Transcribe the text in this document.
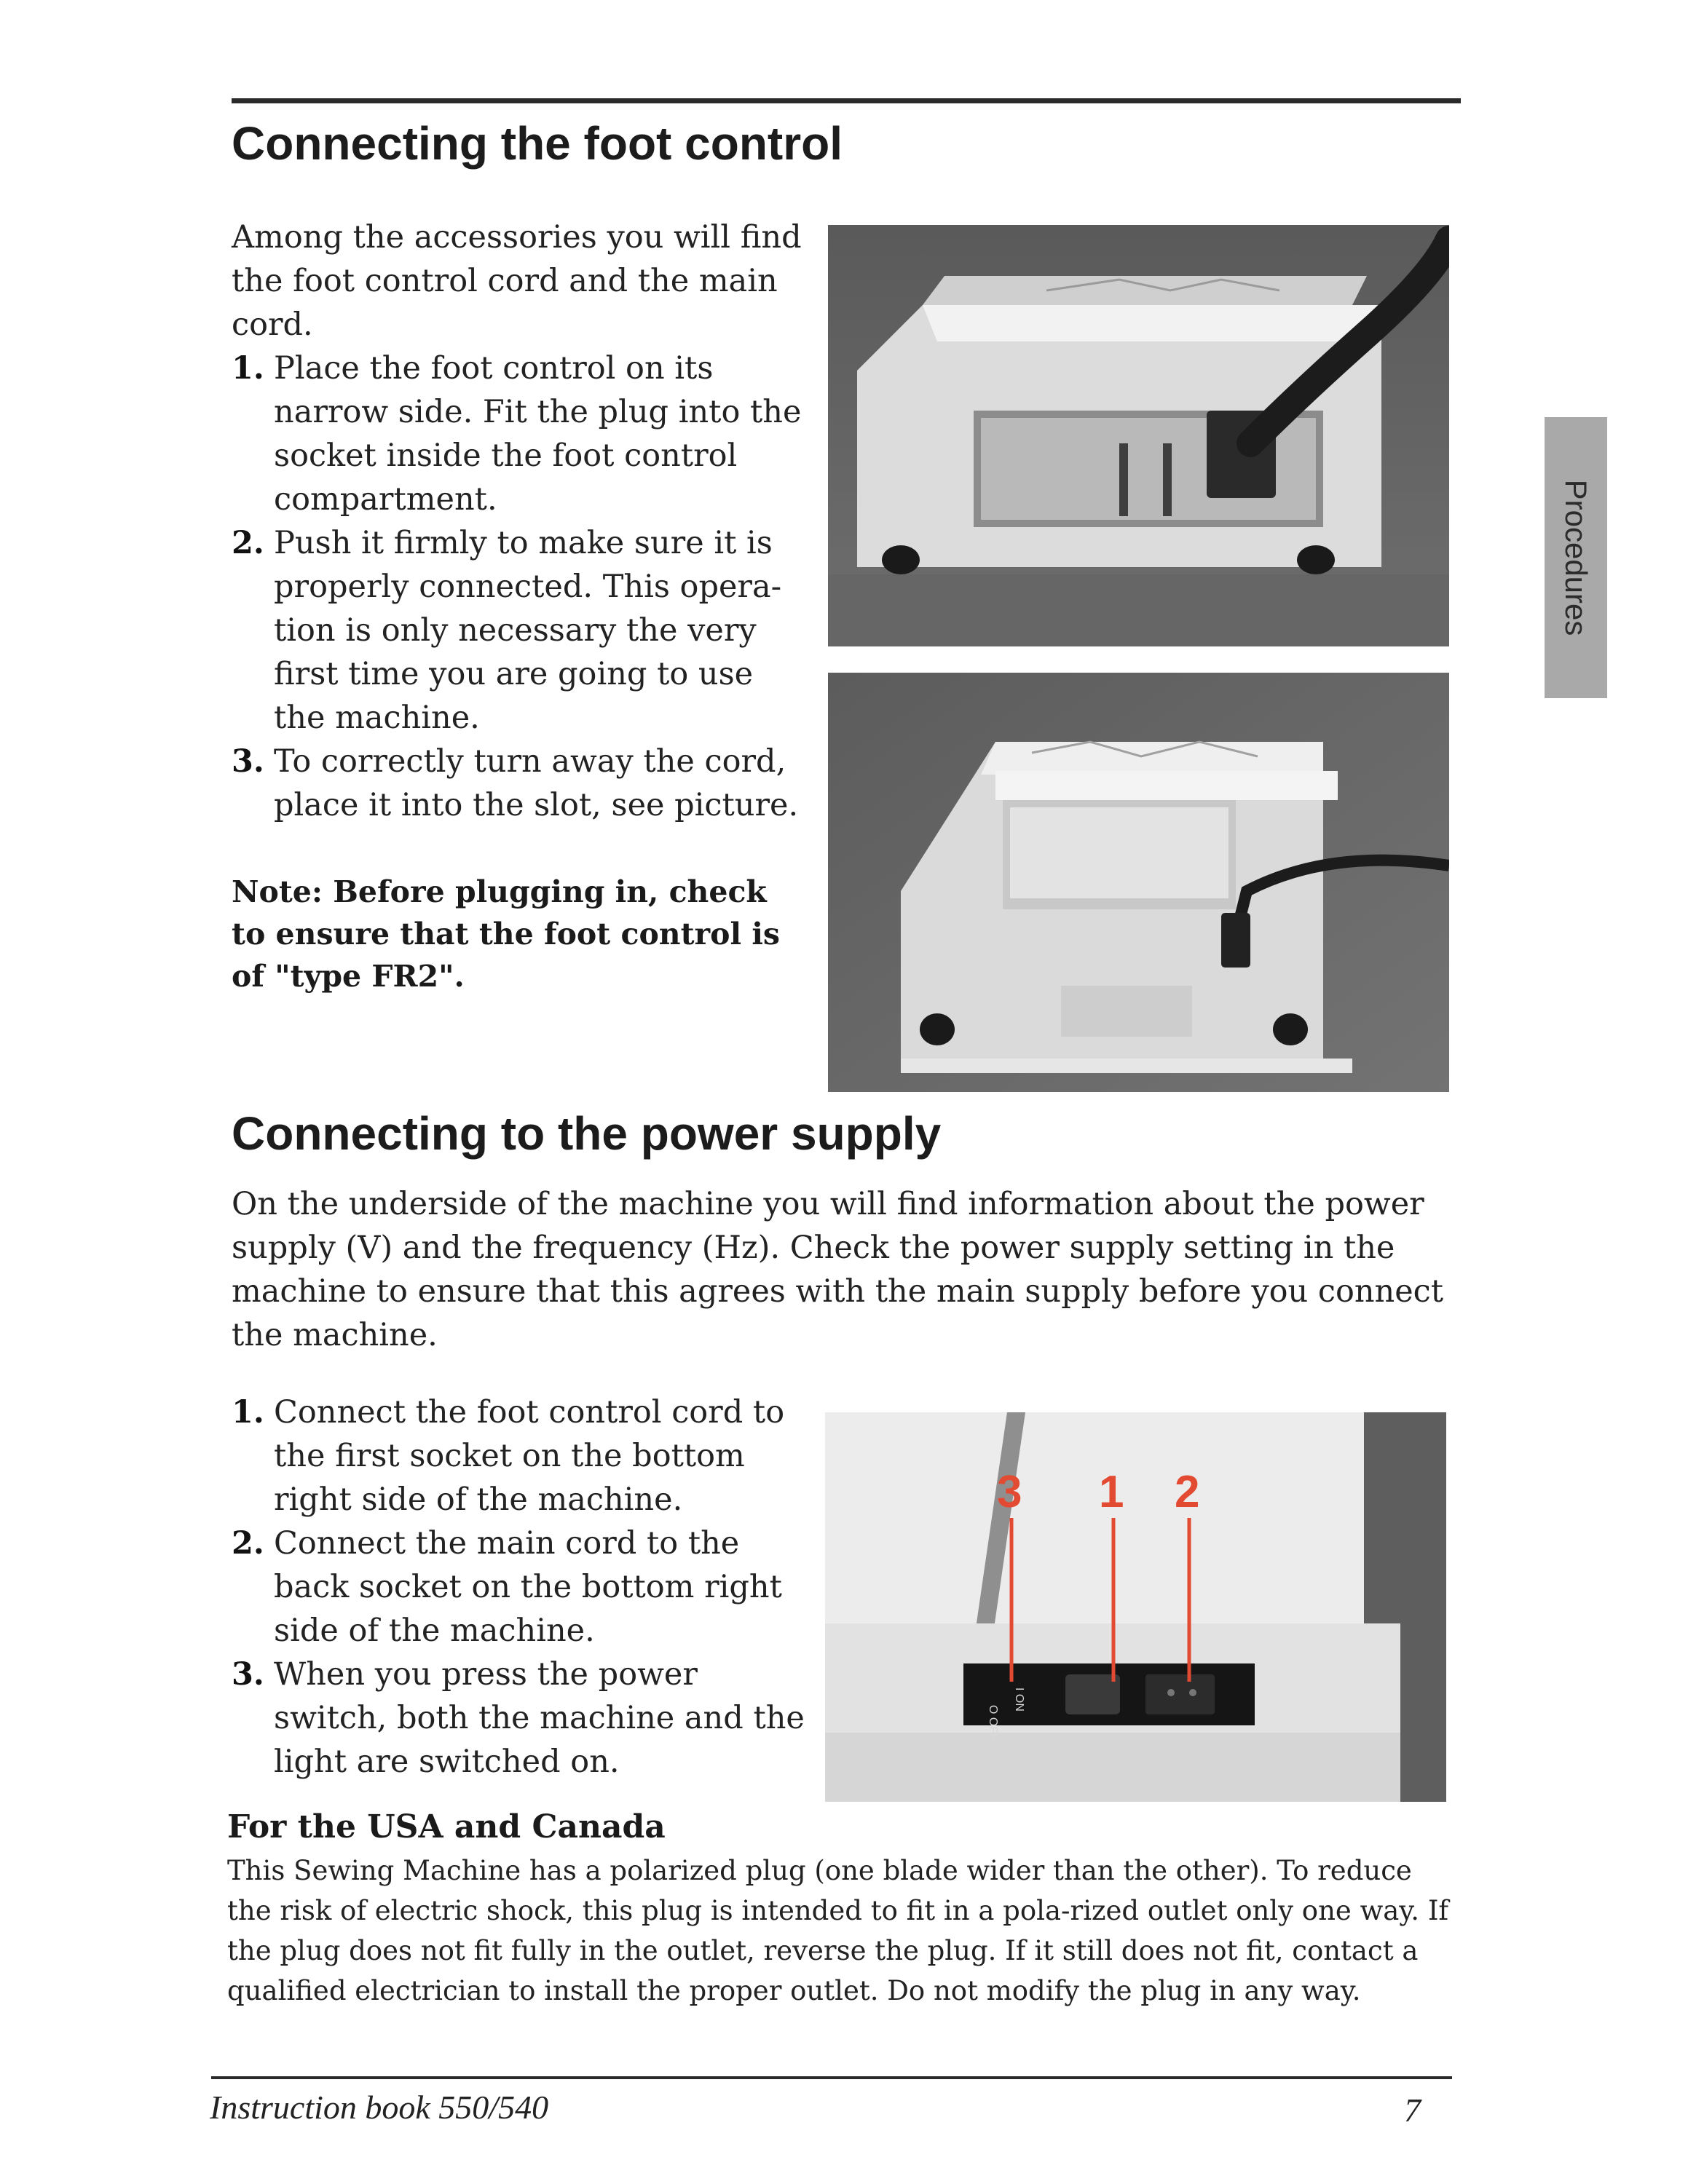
Connecting the foot control

Among the accessories you will find the foot control cord and the main cord.

1. Place the foot control on its narrow side. Fit the plug into the socket inside the foot control compartment.
2. Push it firmly to make sure it is properly connected. This opera-tion is only necessary the very first time you are going to use the machine.
3. To correctly turn away the cord, place it into the slot, see picture.
Note: Before plugging in, check to ensure that the foot control is of "type FR2".
Connecting to the power supply
On the underside of the machine you will find information about the power supply (V) and the frequency (Hz). Check the power supply setting in the machine to ensure that this agrees with the main supply before you connect the machine.
1. Connect the foot control cord to the first socket on the bottom right side of the machine.
2. Connect the main cord to the back socket on the bottom right side of the machine.
3. When you press the power switch, both the machine and the light are switched on.
O OFF
I ON
3 1 2
For the USA and Canada
This Sewing Machine has a polarized plug (one blade wider than the other). To reduce the risk of electric shock, this plug is intended to fit in a pola-rized outlet only one way. If the plug does not fit fully in the outlet, reverse the plug. If it still does not fit, contact a qualified electrician to install the proper outlet. Do not modify the plug in any way.
Instruction book 550/540	7
Procedures
